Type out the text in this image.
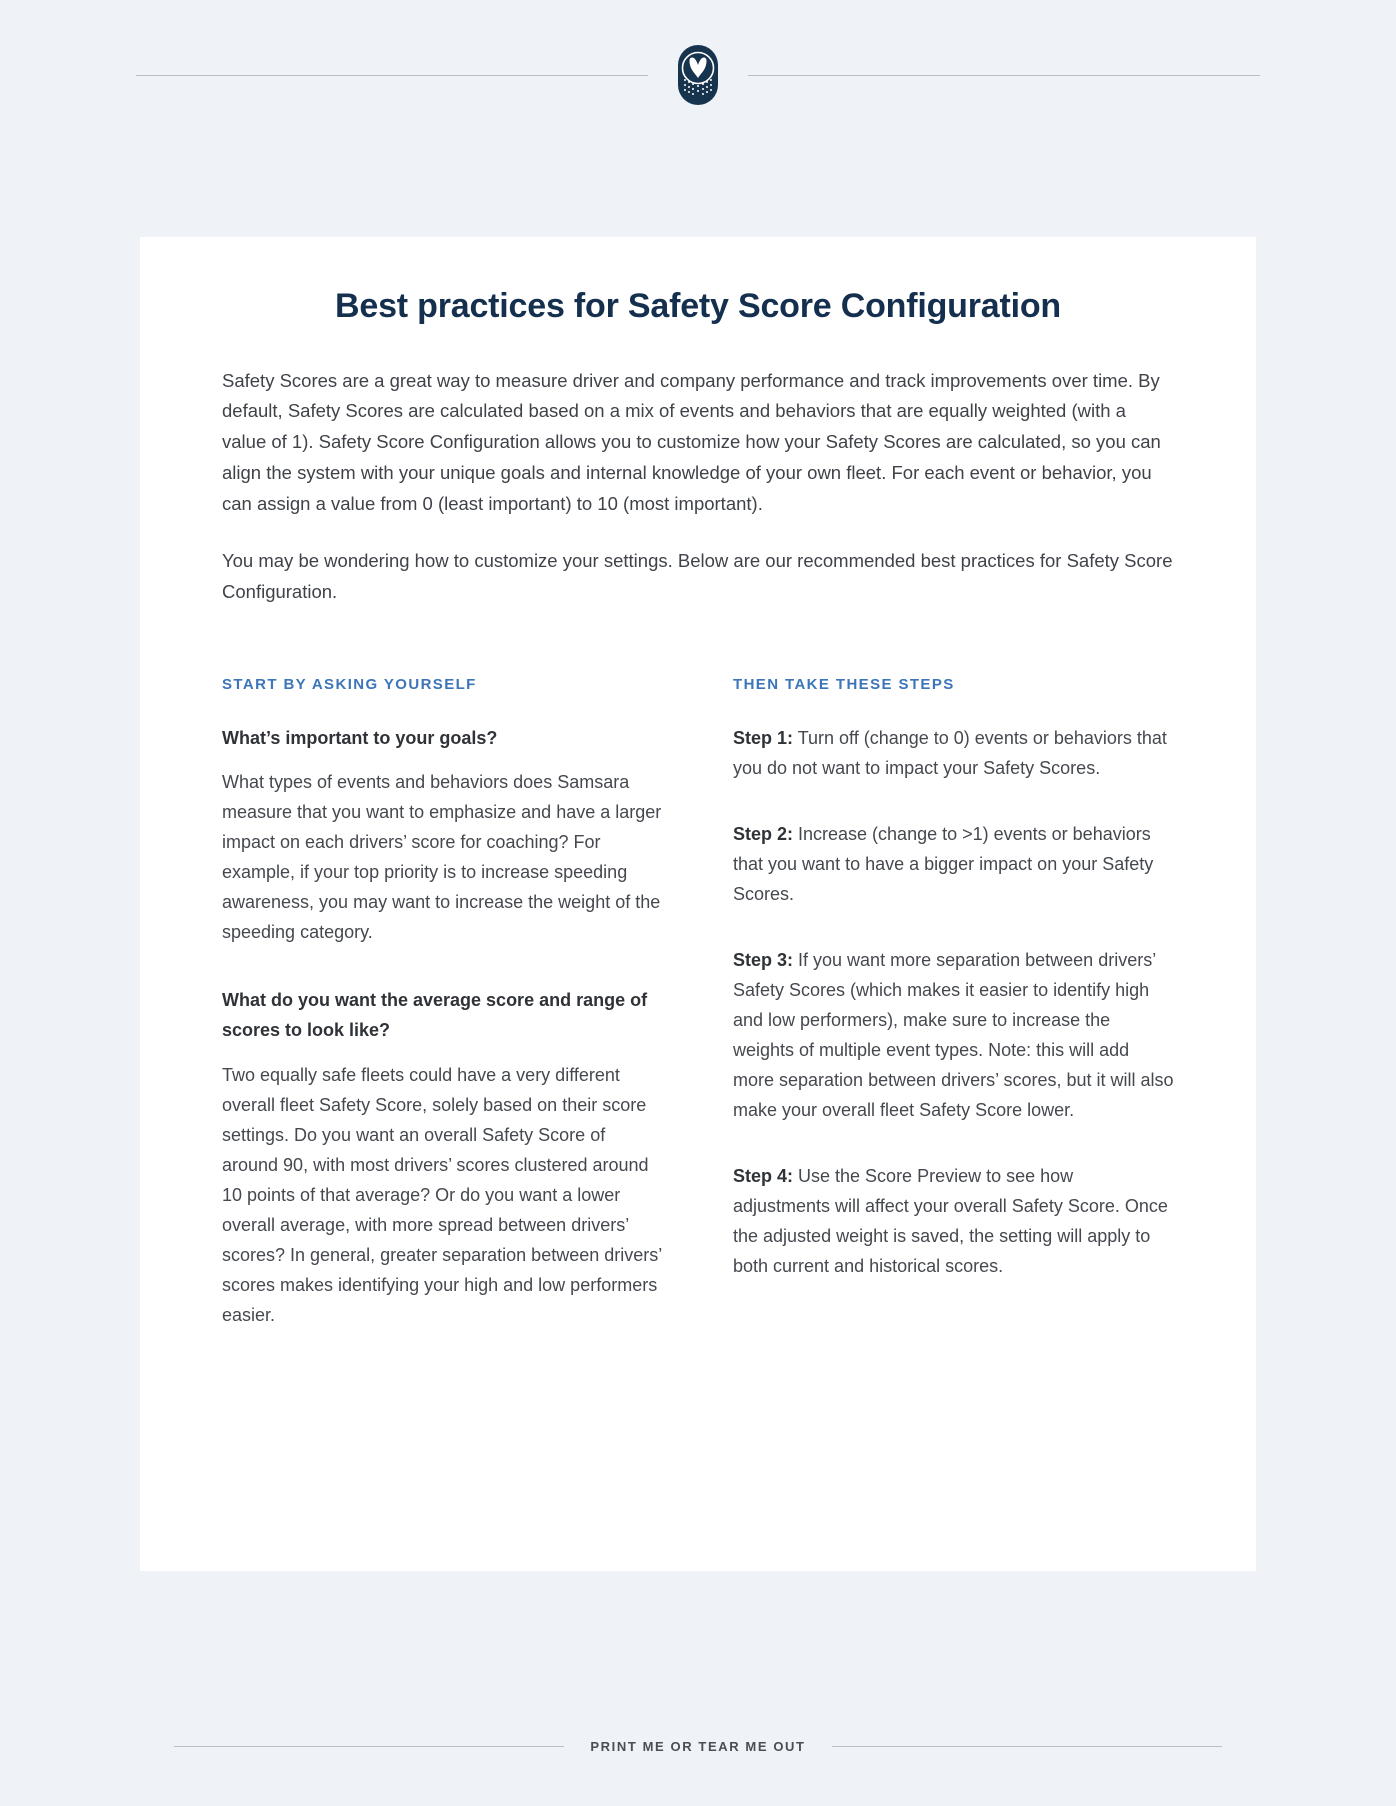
Best practices for Safety Score Configuration

Safety Scores are a great way to measure driver and company performance and track improvements over time. By default, Safety Scores are calculated based on a mix of events and behaviors that are equally weighted (with a value of 1). Safety Score Configuration allows you to customize how your Safety Scores are calculated, so you can align the system with your unique goals and internal knowledge of your own fleet. For each event or behavior, you can assign a value from 0 (least important) to 10 (most important).

You may be wondering how to customize your settings. Below are our recommended best practices for Safety Score Configuration.

START BY ASKING YOURSELF
What’s important to your goals?
What types of events and behaviors does Samsara measure that you want to emphasize and have a larger impact on each drivers’ score for coaching? For example, if your top priority is to increase speeding awareness, you may want to increase the weight of the speeding category.
What do you want the average score and range of scores to look like?
Two equally safe fleets could have a very different overall fleet Safety Score, solely based on their score settings. Do you want an overall Safety Score of around 90, with most drivers’ scores clustered around 10 points of that average? Or do you want a lower overall average, with more spread between drivers’ scores? In general, greater separation between drivers’ scores makes identifying your high and low performers easier.
THEN TAKE THESE STEPS

Step 1: Turn off (change to 0) events or behaviors that you do not want to impact your Safety Scores.

Step 2: Increase (change to >1) events or behaviors that you want to have a bigger impact on your Safety Scores.

Step 3: If you want more separation between drivers’ Safety Scores (which makes it easier to identify high and low performers), make sure to increase the weights of multiple event types. Note: this will add more separation between drivers’ scores, but it will also make your overall fleet Safety Score lower.

Step 4: Use the Score Preview to see how adjustments will affect your overall Safety Score. Once the adjusted weight is saved, the setting will apply to both current and historical scores.

PRINT ME OR TEAR ME OUT
